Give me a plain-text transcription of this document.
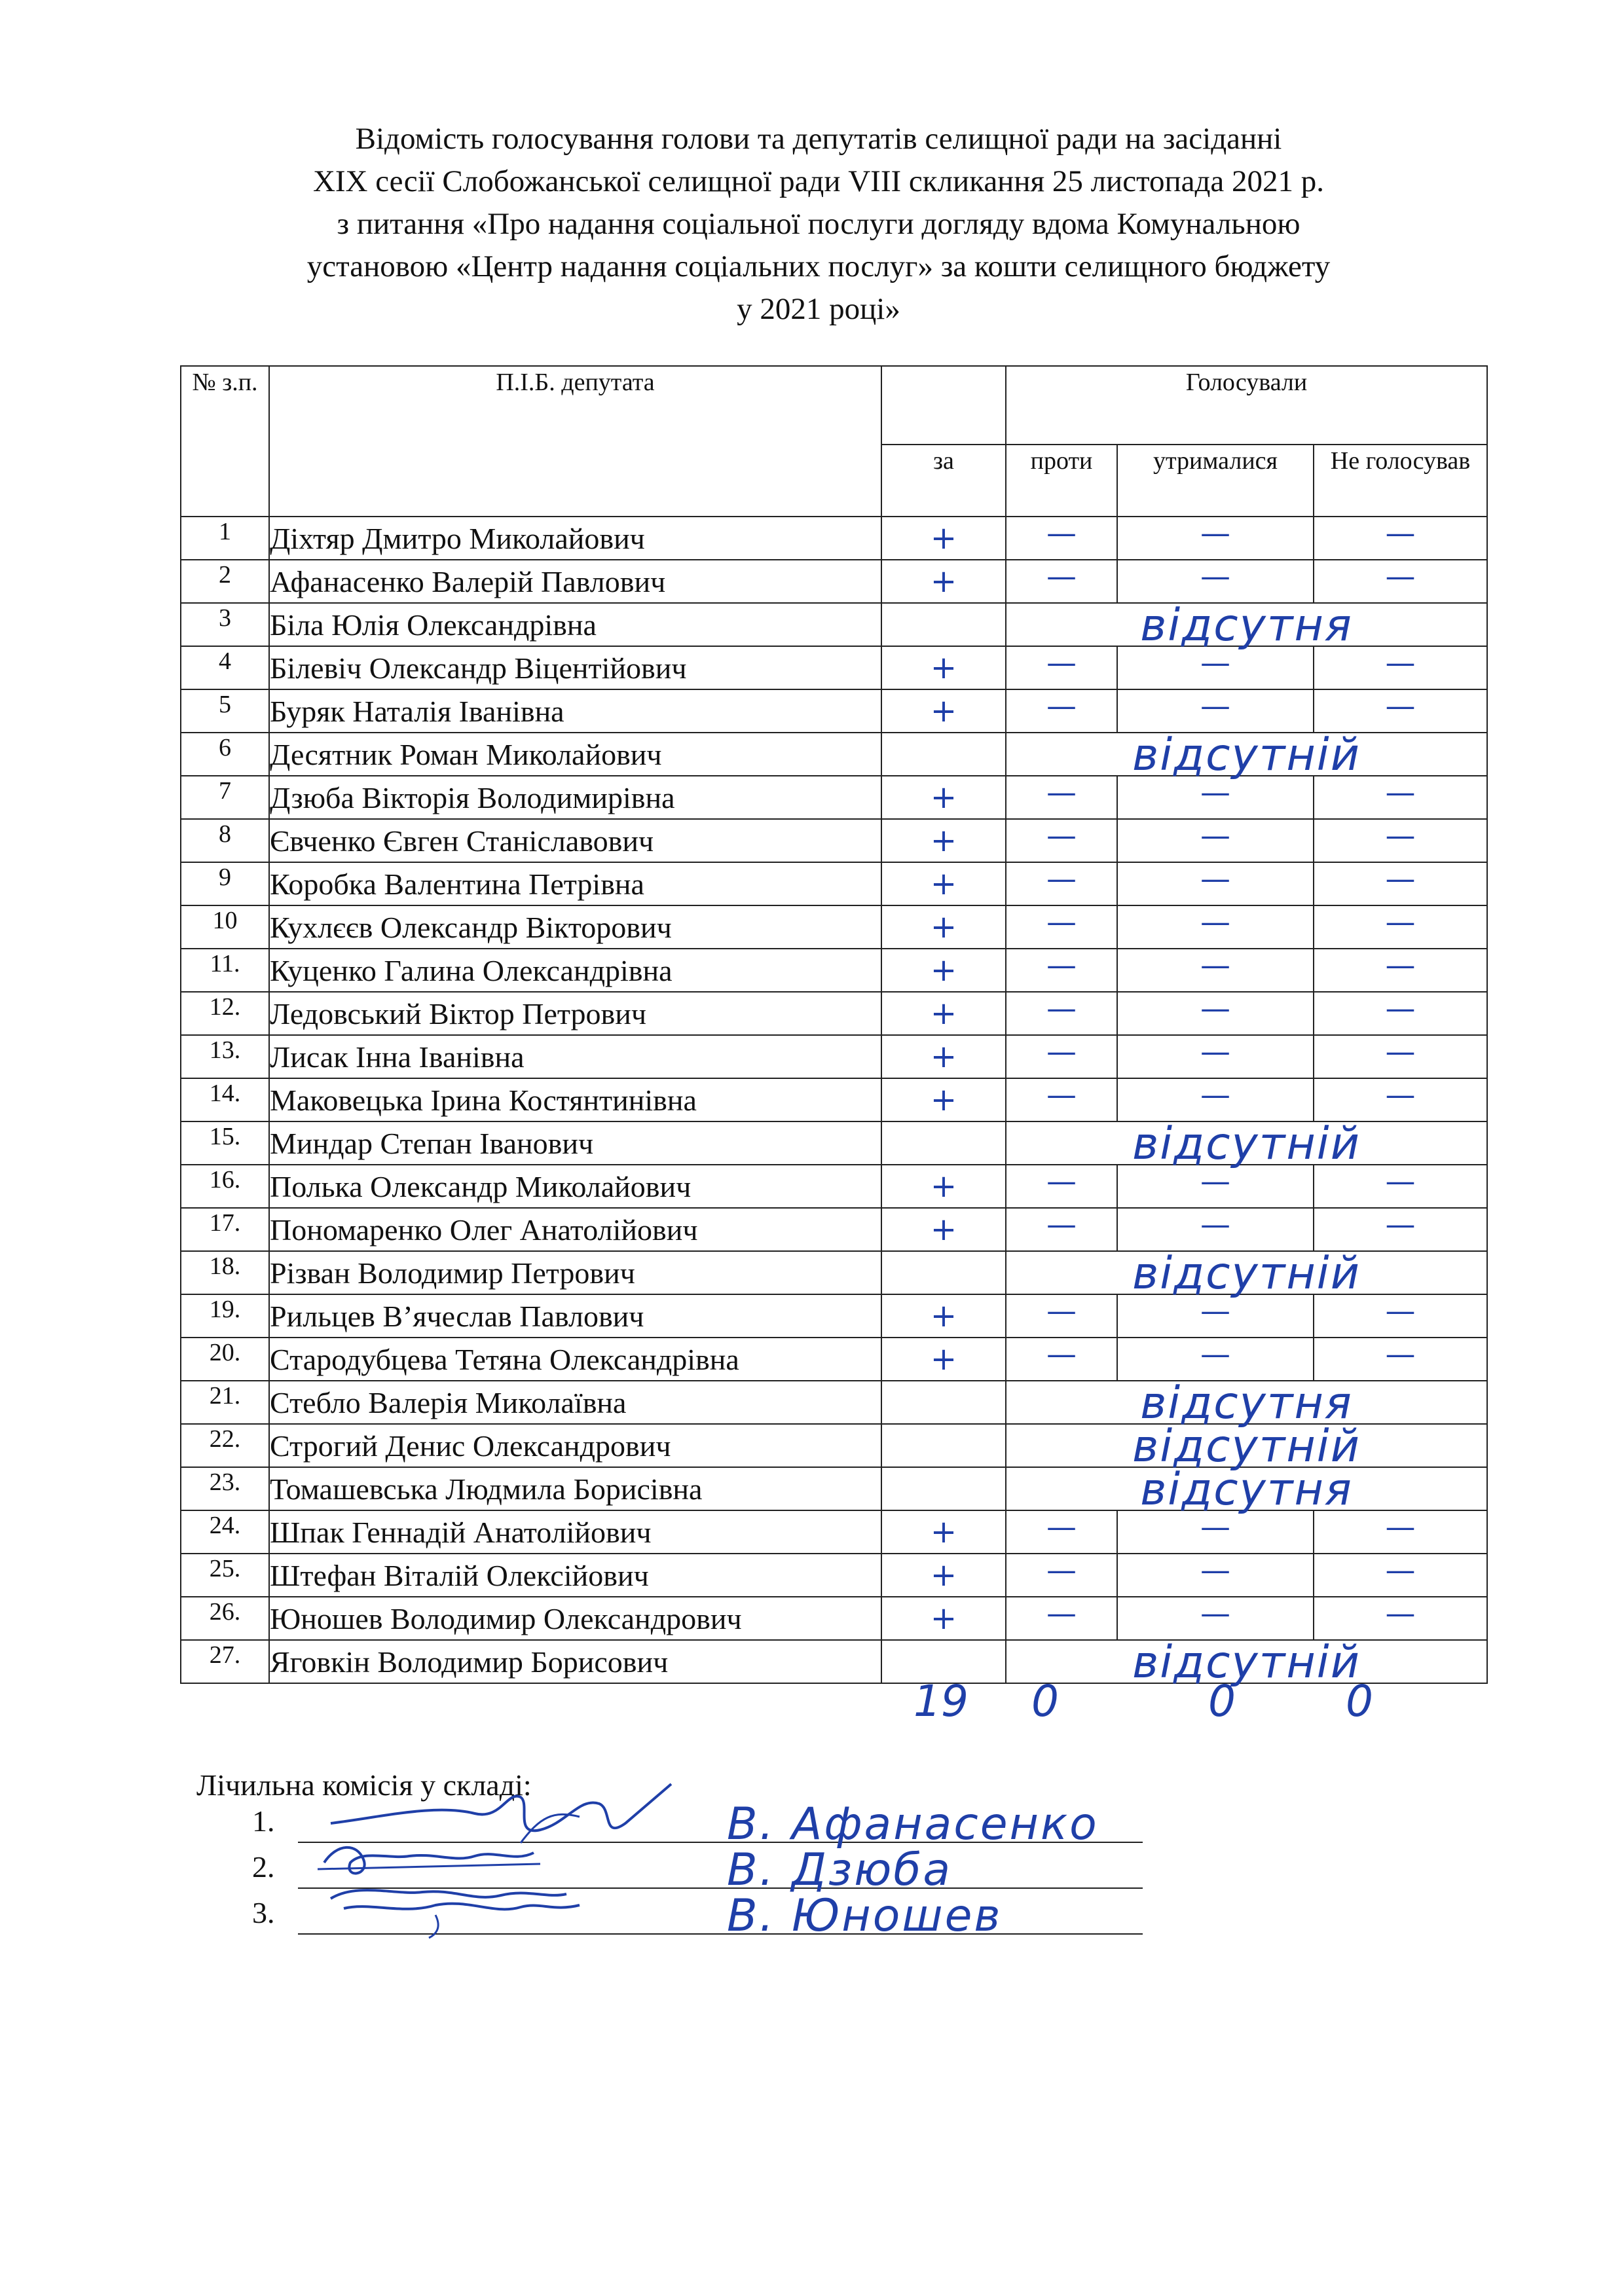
Відомість голосування голови та депутатів селищної ради на засіданні
XIX сесії Слобожанської селищної ради VIII скликання 25 листопада 2021 р.
з питання «Про надання соціальної послуги догляду вдома Комунальною
установою «Центр надання соціальних послуг» за кошти селищного бюджету
у 2021 році»
№ з.п.	П.І.Б. депутата		Голосували			
		за	проти	утрималися	Не голосував	
1	Діхтяр Дмитро Миколайович	+	—	—	—	
2	Афанасенко Валерій Павлович	+	—	—	—	
3	Біла Юлія Олександрівна		відсутня			

4	Білевіч Олександр Віцентійович	+	—	—	—	
5	Буряк Наталія Іванівна	+	—	—	—	
6	Десятник Роман Миколайович		відсутній			

7	Дзюба Вікторія Володимирівна	+	—	—	—	
8	Євченко Євген Станіславович	+	—	—	—	
9	Коробка Валентина Петрівна	+	—	—	—	
10	Кухлєєв Олександр Вікторович	+	—	—	—	
11.	Куценко Галина Олександрівна	+	—	—	—	
12.	Ледовський Віктор Петрович	+	—	—	—	
13.	Лисак Інна Іванівна	+	—	—	—	
14.	Маковецька Ірина Костянтинівна	+	—	—	—	
15.	Миндар Степан Іванович		відсутній			

16.	Полька Олександр Миколайович	+	—	—	—	
17.	Пономаренко Олег Анатолійович	+	—	—	—	
18.	Різван Володимир Петрович		відсутній			

19.	Рильцев В’ячеслав Павлович	+	—	—	—	
20.	Стародубцева Тетяна Олександрівна	+	—	—	—	
21.	Стебло Валерія Миколаївна		відсутня			

22.	Строгий Денис Олександрович		відсутній			

23.	Томашевська Людмила Борисівна		відсутня			

24.	Шпак Геннадій Анатолійович	+	—	—	—	
25.	Штефан Віталій Олексійович	+	—	—	—	
26.	Юношев Володимир Олександрович	+	—	—	—	
27.	Яговкін Володимир Борисович		відсутній			

19 0	0	0
Лічильна комісія у складі:
1.	В. Афанасенко
2.	В. Дзюба
3.	В. Юношев
